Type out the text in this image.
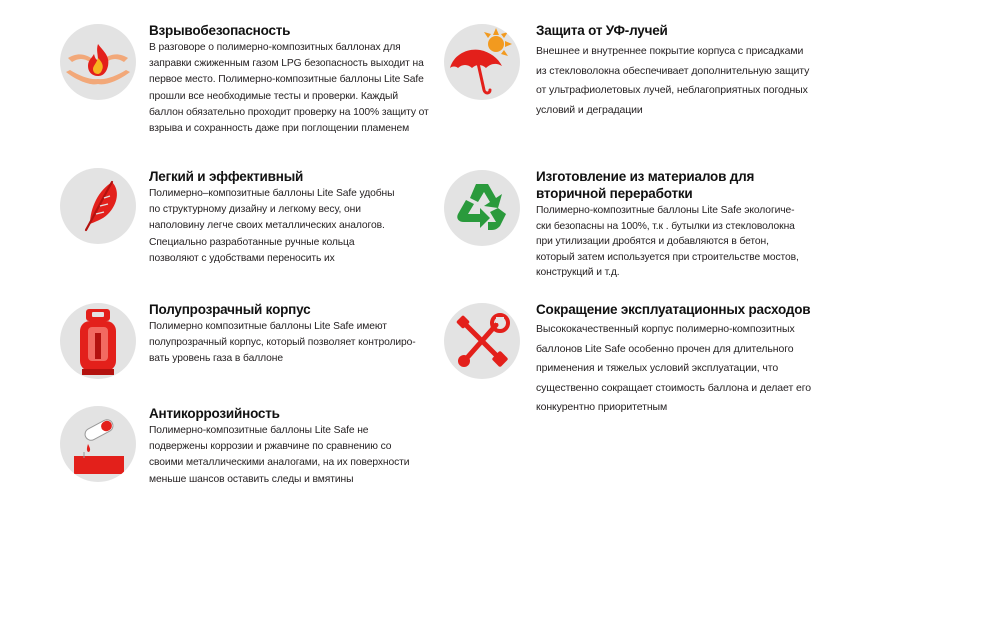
Взрывобезопасность

В разговоре о полимерно-композитных баллонах для
заправки сжиженным газом LPG безопасность выходит на
первое место. Полимерно-композитные баллоны Lite Safe
прошли все необходимые тесты и проверки. Каждый
баллон обязательно проходит проверку на 100% защиту от
взрыва и сохранность даже при поглощении пламенем

Легкий и эффективный

Полимерно–композитные баллоны Lite Safe удобны
по структурному дизайну и легкому весу, они
наполовину легче своих металлических аналогов.
Специально разработанные ручные кольца
позволяют с удобствами переносить их

Полупрозрачный корпус

Полимерно композитные баллоны Lite Safe имеют
полупрозрачный корпус, который позволяет контролиро-
вать уровень газа в баллоне

Антикоррозийность

Полимерно-композитные баллоны Lite Safe не
подвержены коррозии и ржавчине по сравнению со
своими металлическими аналогами, на их поверхности
меньше шансов оставить следы и вмятины

Защита от УФ-лучей

Внешнее и внутреннее покрытие корпуса с присадками
из стекловолокна обеспечивает дополнительную защиту
от ультрафиолетовых лучей, неблагоприятных погодных
условий и деградации

Изготовление из материалов для
вторичной переработки

Полимерно-композитные баллоны Lite Safe экологиче-
ски безопасны на 100%, т.к . бутылки из стекловолокна
при утилизации дробятся и добавляются в бетон,
который затем используется при строительстве мостов,
конструкций и т.д.

Сокращение эксплуатационных расходов

Высококачественный корпус полимерно-композитных
баллонов Lite Safe особенно прочен для длительного
применения и тяжелых условий эксплуатации, что
существенно сокращает стоимость баллона и делает его
конкурентно приоритетным
